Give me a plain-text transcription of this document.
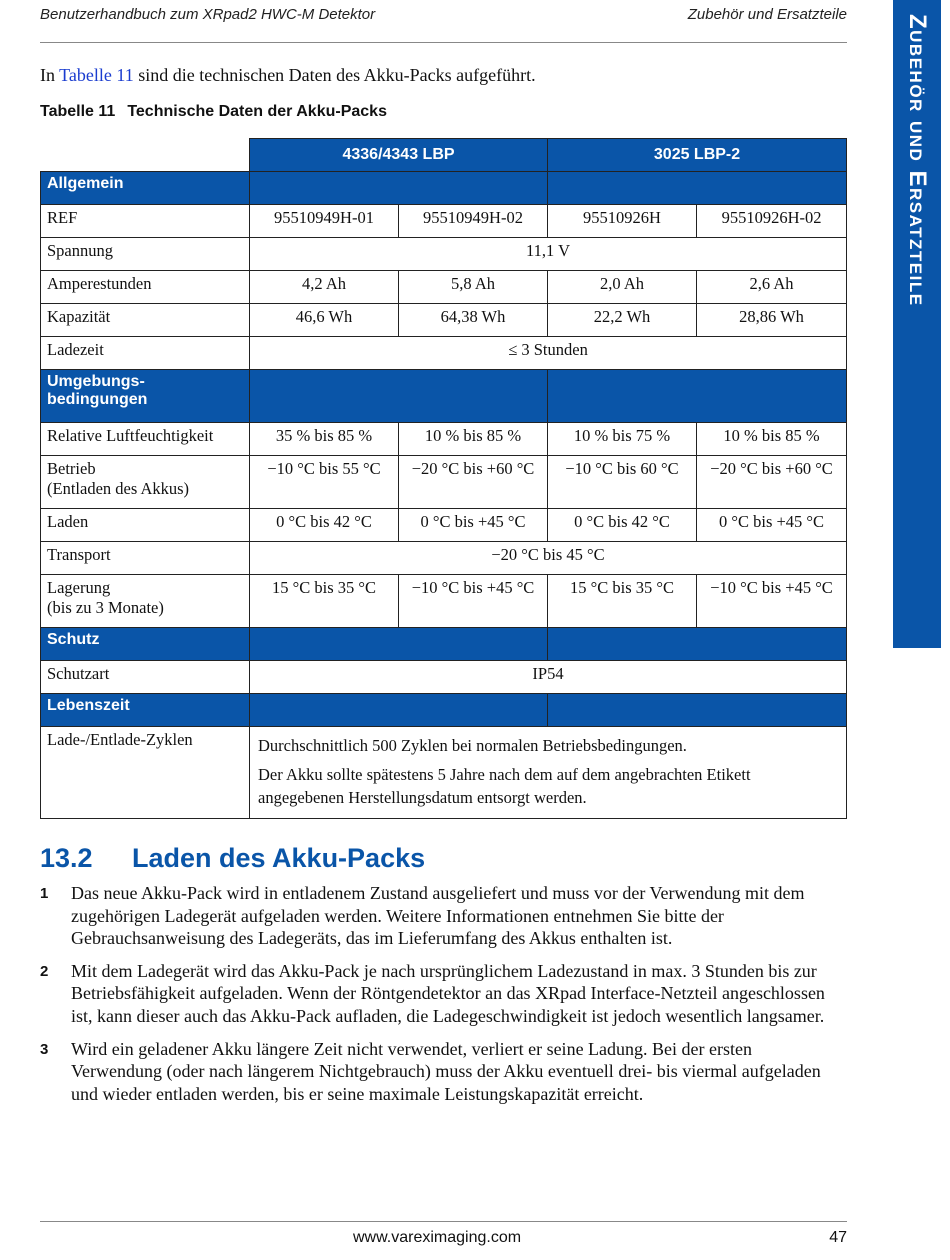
Benutzerhandbuch zum XRpad2 HWC-M Detektor	Zubehör und Ersatzteile Zubehör und Ersatzteile
In Tabelle 11 sind die technischen Daten des Akku-Packs aufgeführt.
Tabelle 11 Technische Daten der Akku-Packs
	4336/4343 LBP		3025 LBP-2	
Allgemein				
REF	95510949H-01	95510949H-02	95510926H	95510926H-02
Spannung	11,1 V			
Amperestunden	4,2 Ah	5,8 Ah	2,0 Ah	2,6 Ah
Kapazität	46,6 Wh	64,38 Wh	22,2 Wh	28,86 Wh
Ladezeit	≤ 3 Stunden			
Umgebungs-
bedingungen				
Relative Luftfeuchtigkeit	35 % bis 85 %	10 % bis 85 %	10 % bis 75 %	10 % bis 85 %
Betrieb
(Entladen des Akkus)	−10 °C bis 55 °C	−20 °C bis +60 °C	−10 °C bis 60 °C	−20 °C bis +60 °C
Laden	0 °C bis 42 °C	0 °C bis +45 °C	0 °C bis 42 °C	0 °C bis +45 °C
Transport	−20 °C bis 45 °C			
Lagerung
(bis zu 3 Monate)	15 °C bis 35 °C	−10 °C bis +45 °C	15 °C bis 35 °C	−10 °C bis +45 °C
Schutz				
Schutzart	IP54			
Lebenszeit				
Lade-/Entlade-Zyklen	Durchschnittlich 500 Zyklen bei normalen Betriebsbedingungen.
Der Akku sollte spätestens 5 Jahre nach dem auf dem angebrachten Etikett angegebenen Herstellungsdatum entsorgt werden.			
13.2 Laden des Akku-Packs
1 Das neue Akku-Pack wird in entladenem Zustand ausgeliefert und muss vor der Verwendung mit dem zugehörigen Ladegerät aufgeladen werden. Weitere Informationen entnehmen Sie bitte der Gebrauchsanweisung des Ladegeräts, das im Lieferumfang des Akkus enthalten ist.
2 Mit dem Ladegerät wird das Akku-Pack je nach ursprünglichem Ladezustand in max. 3 Stunden bis zur Betriebsfähigkeit aufgeladen. Wenn der Röntgendetektor an das XRpad Interface-Netzteil angeschlossen ist, kann dieser auch das Akku-Pack aufladen, die Ladegeschwindigkeit ist jedoch wesentlich langsamer.
3 Wird ein geladener Akku längere Zeit nicht verwendet, verliert er seine Ladung. Bei der ersten Verwendung (oder nach längerem Nichtgebrauch) muss der Akku eventuell drei- bis viermal aufgeladen und wieder entladen werden, bis er seine maximale Leistungskapazität erreicht.
www.vareximaging.com	47
